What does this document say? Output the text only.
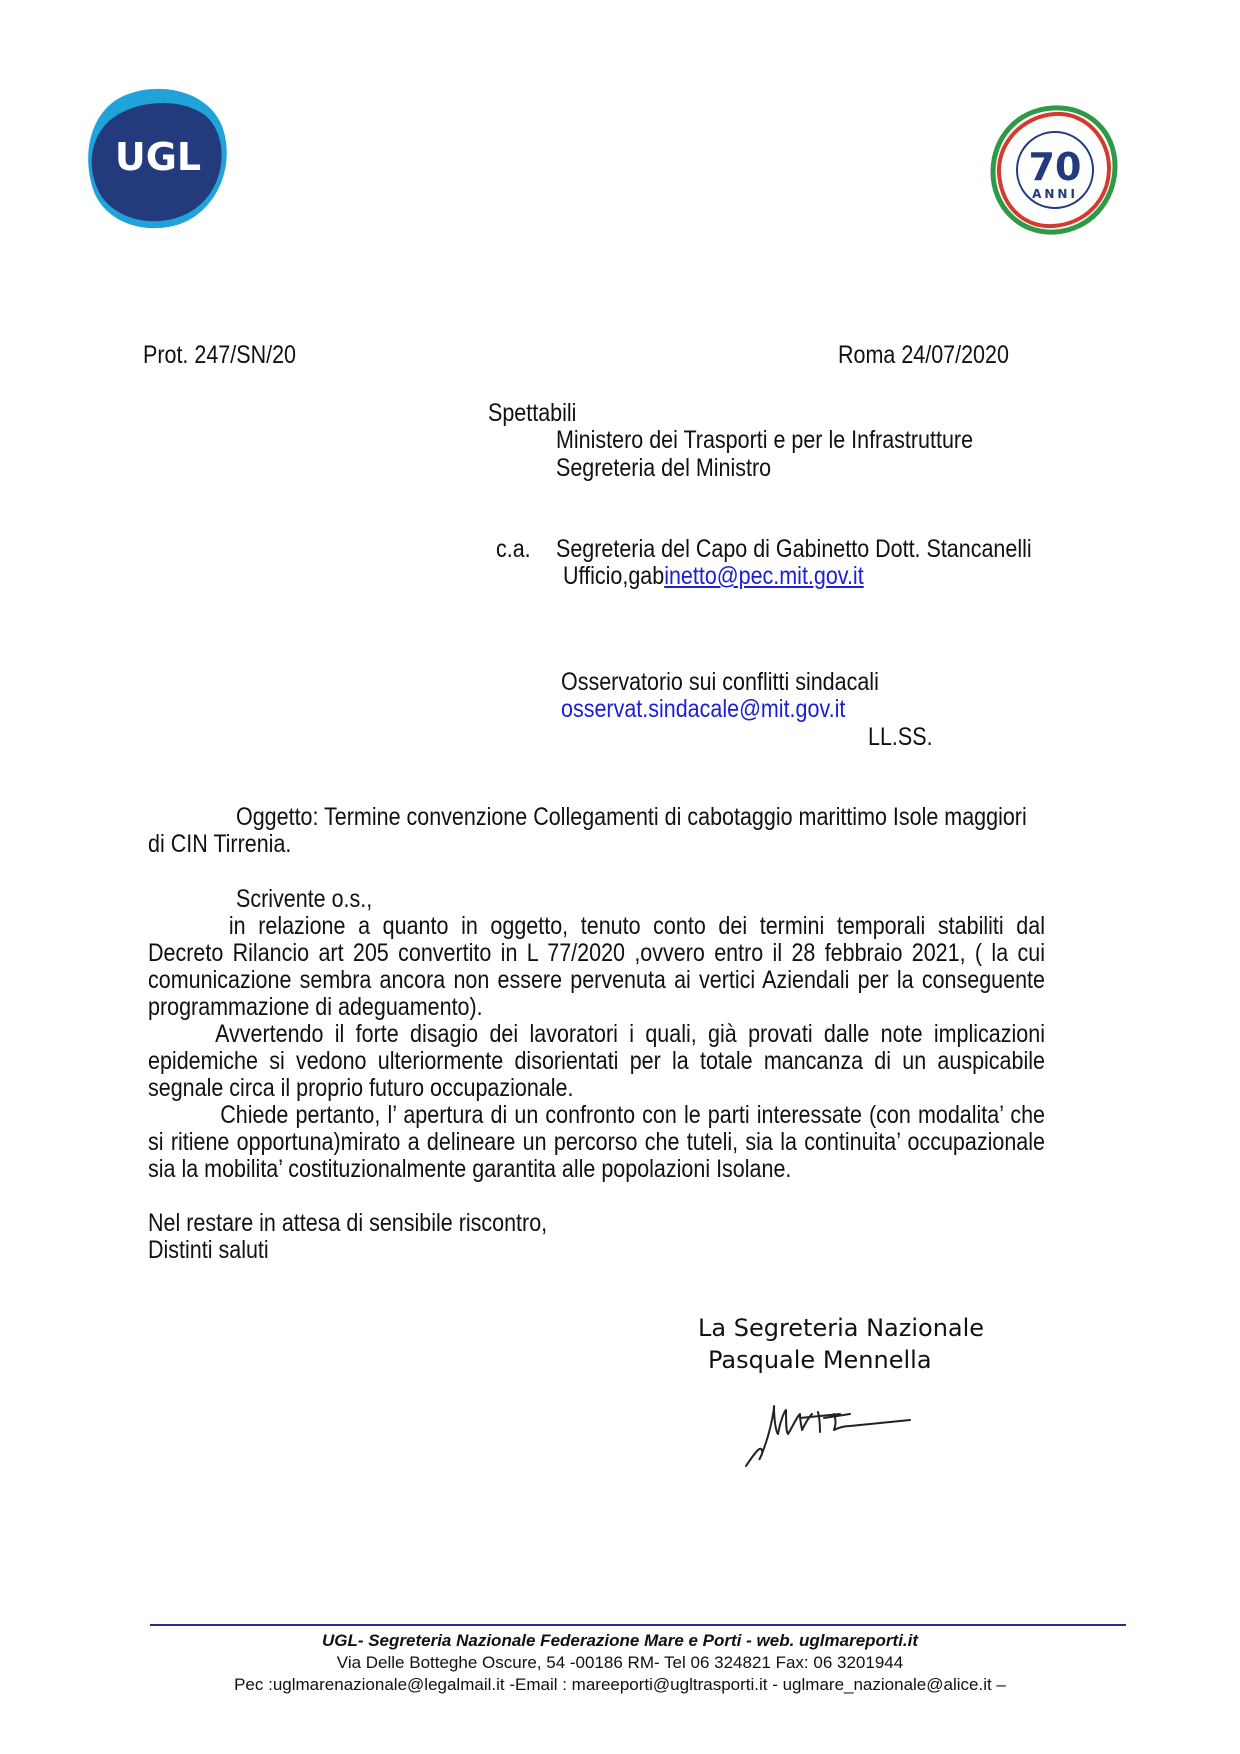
UGL	70
ANNI
Prot. 247/SN/20	Roma 24/07/2020
Spettabili
Ministero dei Trasporti e per le Infrastrutture
Segreteria del Ministro
c.a. Segreteria del Capo di Gabinetto Dott. Stancanelli
Ufficio,gabinetto@pec.mit.gov.it
Osservatorio sui conflitti sindacali
osservat.sindacale@mit.gov.it
LL.SS.
Oggetto: Termine convenzione Collegamenti di cabotaggio marittimo Isole maggiori
di CIN Tirrenia.
Scrivente o.s.,
in relazione a quanto in oggetto, tenuto conto dei termini temporali stabiliti dal
Decreto Rilancio art 205 convertito in L 77/2020 ,ovvero entro il 28 febbraio 2021, ( la cui
comunicazione sembra ancora non essere pervenuta ai vertici Aziendali per la conseguente
programmazione di adeguamento).
Avvertendo il forte disagio dei lavoratori i quali, già provati dalle note implicazioni
epidemiche si vedono ulteriormente disorientati per la totale mancanza di un auspicabile
segnale circa il proprio futuro occupazionale.
Chiede pertanto, l’ apertura di un confronto con le parti interessate (con modalita’ che
si ritiene opportuna)mirato a delineare un percorso che tuteli, sia la continuita’ occupazionale
sia la mobilita’ costituzionalmente garantita alle popolazioni Isolane.
Nel restare in attesa di sensibile riscontro,
Distinti saluti
La Segreteria Nazionale
Pasquale Mennella
UGL- Segreteria Nazionale Federazione Mare e Porti - web. uglmareporti.it
Via Delle Botteghe Oscure, 54 -00186 RM- Tel 06 324821 Fax: 06 3201944
Pec :uglmarenazionale@legalmail.it -Email : mareeporti@ugltrasporti.it - uglmare_nazionale@alice.it –
